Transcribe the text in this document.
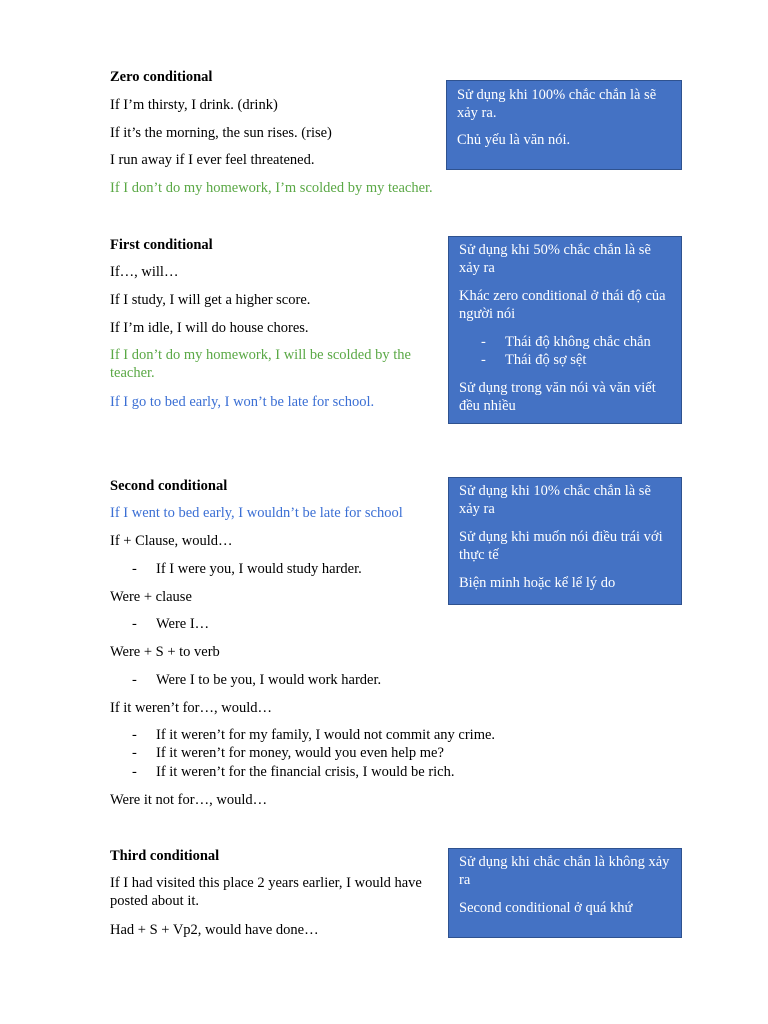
Zero conditional
If I’m thirsty, I drink. (drink)
If it’s the morning, the sun rises. (rise)
I run away if I ever feel threatened.
If I don’t do my homework, I’m scolded by my teacher.

Sử dụng khi 100% chắc chắn là sẽ xảy ra.

Chủ yếu là văn nói.

First conditional
If…, will…
If I study, I will get a higher score.
If I’m idle, I will do house chores.
If I don’t do my homework, I will be scolded by the teacher.
If I go to bed early, I won’t be late for school.

Sử dụng khi 50% chắc chắn là sẽ xảy ra

Khác zero conditional ở thái độ của người nói

- Thái độ không chắc chắn
- Thái độ sợ sệt

Sử dụng trong văn nói và văn viết đều nhiều

Second conditional
If I went to bed early, I wouldn’t be late for school
If + Clause, would…
- If I were you, I would study harder.
Were + clause
- Were I…
Were + S + to verb
- Were I to be you, I would work harder.
If it weren’t for…, would…
- If it weren’t for my family, I would not commit any crime.
- If it weren’t for money, would you even help me?
- If it weren’t for the financial crisis, I would be rich.
Were it not for…, would…

Sử dụng khi 10% chắc chắn là sẽ xảy ra

Sử dụng khi muốn nói điều trái với thực tế

Biện minh hoặc kể lể lý do

Third conditional
If I had visited this place 2 years earlier, I would have posted about it.
Had + S + Vp2, would have done…

Sử dụng khi chắc chắn là không xảy ra

Second conditional ở quá khứ
